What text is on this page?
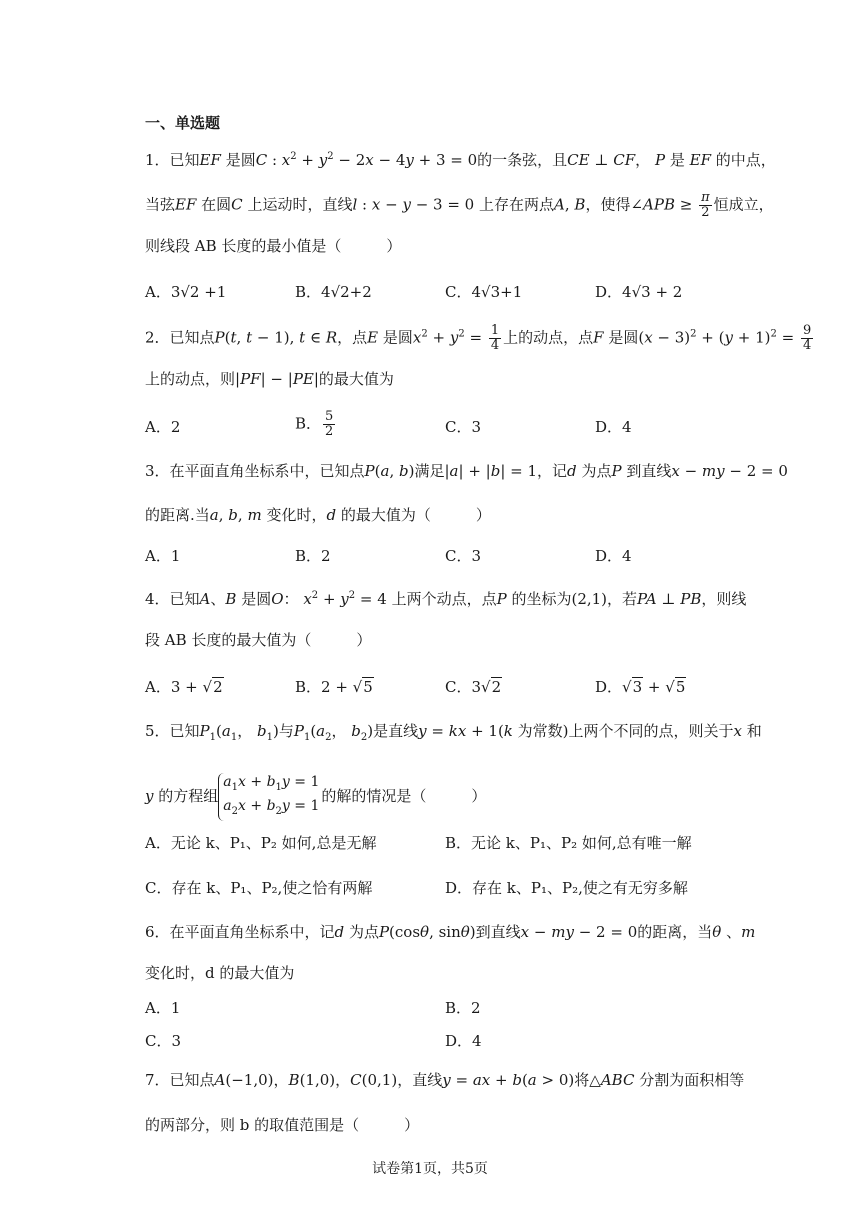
一、单选题
1．已知EF 是圆C : $x^2 + y^2 - 2x - 4y + 3 = 0$的一条弦，且CE ⊥ CF， P 是 EF 的中点，
当弦EF 在圆C 上运动时，直线l : x − y − 3 = 0 上存在两点A, B，使得∠APB ≥ $\frac{\pi}{2}$ 恒成立，
则线段 AB 长度的最小值是（　　　）
A．3√2 +1	B．4√2+2	C．4√3+1	D．4√3 + 2
2．已知点P(t, t − 1), t ∈ R，点E 是圆$x^2 + y^2 = \frac{1}{4}$ 上的动点，点F 是圆$(x - 3)^2 + (y + 1)^2 = \frac{9}{4}$
上的动点，则|PF| − |PE|的最大值为
A．2	B． $\frac{5}{2}$	C．3	D．4
3．在平面直角坐标系中，已知点P(a, b)满足|a| + |b| = 1，记d 为点P 到直线x − my − 2 = 0
的距离.当a, b, m 变化时，d 的最大值为（　　　）
A．1	B．2	C．3	D．4
4．已知A、B 是圆O： $x^2 + y^2 = 4$ 上两个动点，点P 的坐标为(2,1)，若PA ⊥ PB，则线
段 AB 长度的最大值为（　　　）
A．3 + √2	B．2 + √5	C．3√2	D．√3 + √5
5．已知$P_1(a_1$， $b_1$)与$P_1(a_2$， $b_2$)是直线y = kx + 1(k 为常数)上两个不同的点，则关于x 和
y 的方程组$a_1x + b_1y = 1$
$a_2x + b_2y = 1$的解的情况是（　　　）
A．无论 k、P₁、P₂ 如何,总是无解	B．无论 k、P₁、P₂ 如何,总有唯一解
C．存在 k、P₁、P₂,使之恰有两解	D．存在 k、P₁、P₂,使之有无穷多解
6．在平面直角坐标系中，记d 为点P(cosθ, sinθ)到直线x − my − 2 = 0的距离，当θ 、m
变化时，d 的最大值为
A．1	B．2
C．3	D．4
7．已知点A(−1,0)，B(1,0)，C(0,1)，直线y = ax + b(a > 0)将△ABC 分割为面积相等
的两部分，则 b 的取值范围是（　　　）
试卷第1页，共5页
